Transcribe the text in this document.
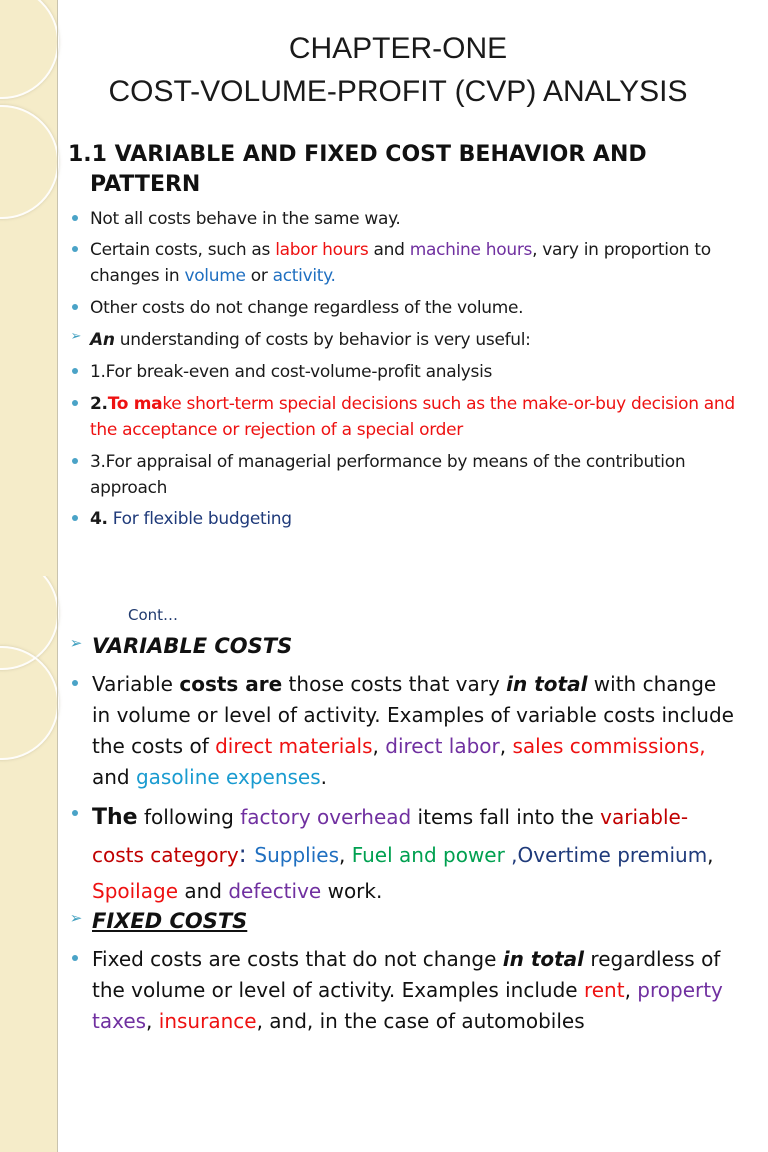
CHAPTER-ONE
COST-VOLUME-PROFIT (CVP) ANALYSIS
1.1 VARIABLE AND FIXED COST BEHAVIOR AND
PATTERN
Not all costs behave in the same way.
Certain costs, such as labor hours and machine hours, vary in proportion to changes in volume or activity.
Other costs do not change regardless of the volume.
➢ An understanding of costs by behavior is very useful:
1.For break-even and cost-volume-profit analysis
2.To make short-term special decisions such as the make-or-buy decision and the acceptance or rejection of a special order
3.For appraisal of managerial performance by means of the contribution approach
4. For flexible budgeting
Cont…
➢ VARIABLE COSTS
Variable costs are those costs that vary in total with change in volume or level of activity. Examples of variable costs include the costs of direct materials, direct labor, sales commissions, and gasoline expenses.
The following factory overhead items fall into the variable-costs category: Supplies, Fuel and power ,Overtime premium, Spoilage and defective work.
➢ FIXED COSTS
Fixed costs are costs that do not change in total regardless of the volume or level of activity. Examples include rent, property taxes, insurance, and, in the case of automobiles
